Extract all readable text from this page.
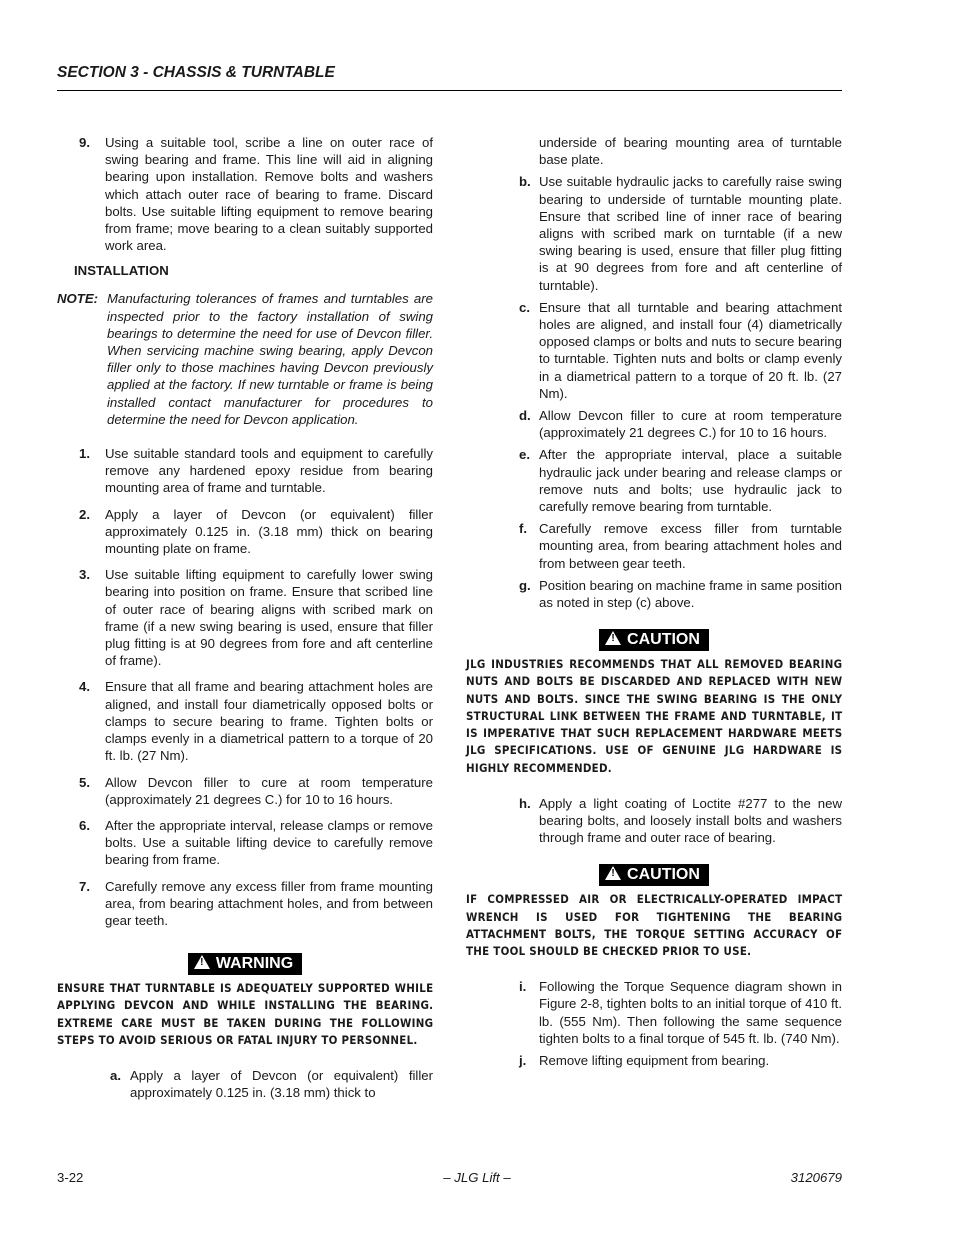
SECTION 3 - CHASSIS & TURNTABLE
9. Using a suitable tool, scribe a line on outer race of swing bearing and frame. This line will aid in aligning bearing upon installation. Remove bolts and washers which attach outer race of bearing to frame. Discard bolts. Use suitable lifting equipment to remove bearing from frame; move bearing to a clean suitably supported work area.
INSTALLATION
NOTE: Manufacturing tolerances of frames and turntables are inspected prior to the factory installation of swing bearings to determine the need for use of Devcon filler. When servicing machine swing bearing, apply Devcon filler only to those machines having Devcon previously applied at the factory. If new turntable or frame is being installed contact manufacturer for procedures to determine the need for Devcon application.
1. Use suitable standard tools and equipment to carefully remove any hardened epoxy residue from bearing mounting area of frame and turntable.
2. Apply a layer of Devcon (or equivalent) filler approximately 0.125 in. (3.18 mm) thick on bearing mounting plate on frame.
3. Use suitable lifting equipment to carefully lower swing bearing into position on frame. Ensure that scribed line of outer race of bearing aligns with scribed mark on frame (if a new swing bearing is used, ensure that filler plug fitting is at 90 degrees from fore and aft centerline of frame).
4. Ensure that all frame and bearing attachment holes are aligned, and install four diametrically opposed bolts or clamps to secure bearing to frame. Tighten bolts or clamps evenly in a diametrical pattern to a torque of 20 ft. lb. (27 Nm).
5. Allow Devcon filler to cure at room temperature (approximately 21 degrees C.) for 10 to 16 hours.
6. After the appropriate interval, release clamps or remove bolts. Use a suitable lifting device to carefully remove bearing from frame.
7. Carefully remove any excess filler from frame mounting area, from bearing attachment holes, and from between gear teeth.
!WARNING
ENSURE THAT TURNTABLE IS ADEQUATELY SUPPORTED WHILE APPLYING DEVCON AND WHILE INSTALLING THE BEARING. EXTREME CARE MUST BE TAKEN DURING THE FOLLOWING STEPS TO AVOID SERIOUS OR FATAL INJURY TO PERSONNEL.
a. Apply a layer of Devcon (or equivalent) filler approximately 0.125 in. (3.18 mm) thick to
underside of bearing mounting area of turntable base plate.
b. Use suitable hydraulic jacks to carefully raise swing bearing to underside of turntable mounting plate. Ensure that scribed line of inner race of bearing aligns with scribed mark on turntable (if a new swing bearing is used, ensure that filler plug fitting is at 90 degrees from fore and aft centerline of turntable).
c. Ensure that all turntable and bearing attachment holes are aligned, and install four (4) diametrically opposed clamps or bolts and nuts to secure bearing to turntable. Tighten nuts and bolts or clamp evenly in a diametrical pattern to a torque of 20 ft. lb. (27 Nm).
d. Allow Devcon filler to cure at room temperature (approximately 21 degrees C.) for 10 to 16 hours.
e. After the appropriate interval, place a suitable hydraulic jack under bearing and release clamps or remove nuts and bolts; use hydraulic jack to carefully remove bearing from turntable.
f. Carefully remove excess filler from turntable mounting area, from bearing attachment holes and from between gear teeth.
g. Position bearing on machine frame in same position as noted in step (c) above.
!CAUTION
JLG INDUSTRIES RECOMMENDS THAT ALL REMOVED BEARING NUTS AND BOLTS BE DISCARDED AND REPLACED WITH NEW NUTS AND BOLTS. SINCE THE SWING BEARING IS THE ONLY STRUCTURAL LINK BETWEEN THE FRAME AND TURNTABLE, IT IS IMPERATIVE THAT SUCH REPLACEMENT HARDWARE MEETS JLG SPECIFICATIONS. USE OF GENUINE JLG HARDWARE IS HIGHLY RECOMMENDED.
h. Apply a light coating of Loctite #277 to the new bearing bolts, and loosely install bolts and washers through frame and outer race of bearing.
!CAUTION
IF COMPRESSED AIR OR ELECTRICALLY-OPERATED IMPACT WRENCH IS USED FOR TIGHTENING THE BEARING ATTACHMENT BOLTS, THE TORQUE SETTING ACCURACY OF THE TOOL SHOULD BE CHECKED PRIOR TO USE.
i. Following the Torque Sequence diagram shown in Figure 2-8, tighten bolts to an initial torque of 410 ft. lb. (555 Nm). Then following the same sequence tighten bolts to a final torque of 545 ft. lb. (740 Nm).
j. Remove lifting equipment from bearing.
– JLG Lift –
3-22	3120679
